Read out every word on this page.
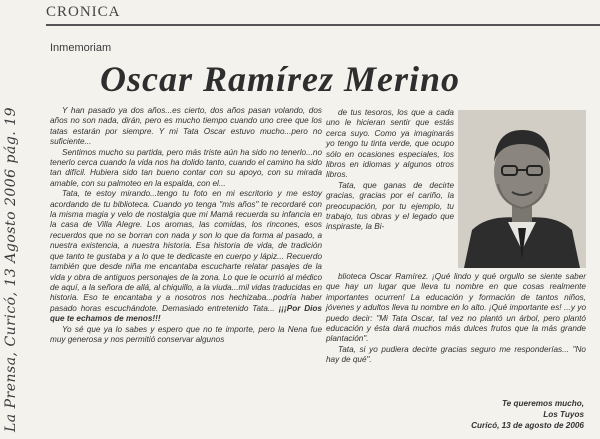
CRONICA
La Prensa, Curicó, 13 Agosto 2006 pág. 19
Inmemoriam
Oscar Ramírez Merino

Y han pasado ya dos años...es cierto, dos años pasan volando, dos años no son nada, dirán, pero es mucho tiempo cuando uno cree que los tatas estarán por siempre. Y mi Tata Oscar estuvo mucho...pero no suficiente...

Sentimos mucho su partida, pero más triste aún ha sido no tenerlo...no tenerlo cerca cuando la vida nos ha dolido tanto, cuando el camino ha sido tan difícil. Hubiera sido tan bueno contar con su apoyo, con su mirada amable, con su palmoteo en la espalda, con el...

Tata, te estoy mirando...tengo tu foto en mi escritorio y me estoy acordando de tu biblioteca. Cuando yo tenga "mis años" te recordaré con la misma magia y velo de nostalgia que mi Mamá recuerda su infancia en la casa de Villa Alegre. Los aromas, las comidas, los rincones, esos recuerdos que no se borran con nada y son lo que da forma al pasado, a nuestra existencia, a nuestra historia. Esa historia de vida, de tradición que tanto te gustaba y a lo que te dedicaste en cuerpo y lápiz... Recuerdo también que desde niña me encantaba escucharte relatar pasajes de la vida y obra de antiguos personajes de la zona. Lo que le ocurrió al médico de aquí, a la señora de allá, al chiquillo, a la viuda...mil vidas traducidas en historia. Eso te encantaba y a nosotros nos hechizaba...podría haber pasado horas escuchándote. Demasiado entretenido Tata... ¡¡¡Por Dios que te echamos de menos!!!

Yo sé que ya lo sabes y espero que no te importe, pero la Nena fue muy generosa y nos permitió conservar algunos

de tus tesoros, los que a cada uno le hicieran sentir que estás cerca suyo. Como ya imaginarás yo tengo tu tinta verde, que ocupo sólo en ocasiones especiales, los libros en idiomas y algunos otros libros.

Tata, que ganas de decirte gracias, gracias por el cariño, la preocupación, por tu ejemplo, tu trabajo, tus obras y el legado que inspiraste, la Bi-

blioteca Oscar Ramírez. ¡Qué lindo y qué orgullo se siente saber que hay un lugar que lleva tu nombre en que cosas realmente importantes ocurren! La educación y formación de tantos niños, jóvenes y adultos lleva tu nombre en lo alto. ¡Qué importante es! ...y yo puedo decir: "Mi Tata Oscar, tal vez no plantó un árbol, pero plantó educación y ésta dará muchos más dulces frutos que la más grande plantación".

Tata, si yo pudiera decirte gracias seguro me responderías... "No hay de qué".

Te queremos mucho,
Los Tuyos
Curicó, 13 de agosto de 2006
